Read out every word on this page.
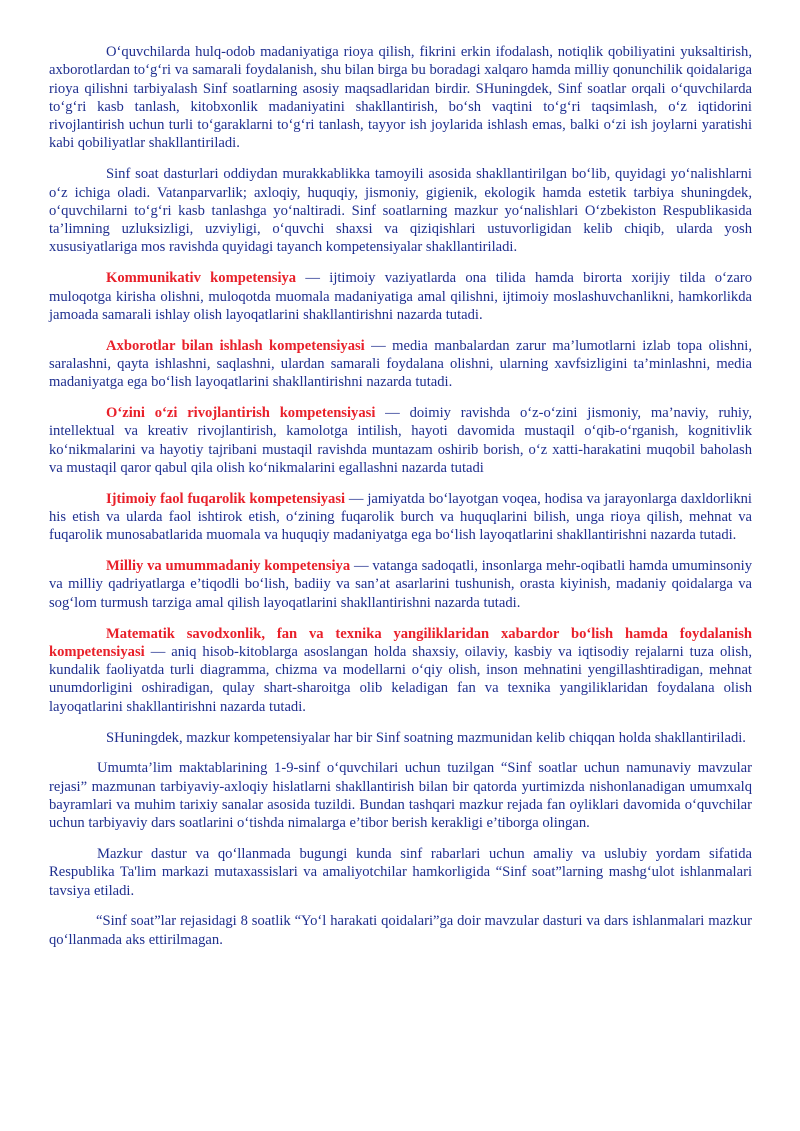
O‘quvchilarda hulq-odob madaniyatiga rioya qilish, fikrini erkin ifodalash, notiqlik qobiliyatini yuksaltirish, axborotlardan to‘g‘ri va samarali foydalanish, shu bilan birga bu boradagi xalqaro hamda milliy qonunchilik qoidalariga rioya qilishni tarbiyalash Sinf soatlarning asosiy maqsadlaridan birdir. SHuningdek, Sinf soatlar orqali o‘quvchilarda to‘g‘ri kasb tanlash, kitobxonlik madaniyatini shakllantirish, bo‘sh vaqtini to‘g‘ri taqsimlash, o‘z iqtidorini rivojlantirish uchun turli to‘garaklarni to‘g‘ri tanlash, tayyor ish joylarida ishlash emas, balki o‘zi ish joylarni yaratishi kabi qobiliyatlar shakllantiriladi.

Sinf soat dasturlari oddiydan murakkablikka tamoyili asosida shakllantirilgan bo‘lib, quyidagi yo‘nalishlarni o‘z ichiga oladi. Vatanparvarlik; axloqiy, huquqiy, jismoniy, gigienik, ekologik hamda estetik tarbiya shuningdek, o‘quvchilarni to‘g‘ri kasb tanlashga yo‘naltiradi. Sinf soatlarning mazkur yo‘nalishlari O‘zbekiston Respublikasida ta’limning uzluksizligi, uzviyligi, o‘quvchi shaxsi va qiziqishlari ustuvorligidan kelib chiqib, ularda yosh xususiyatlariga mos ravishda quyidagi tayanch kompetensiyalar shakllantiriladi.

Kommunikativ kompetensiya — ijtimoiy vaziyatlarda ona tilida hamda birorta xorijiy tilda o‘zaro muloqotga kirisha olishni, muloqotda muomala madaniyatiga amal qilishni, ijtimoiy moslashuvchanlikni, hamkorlikda jamoada samarali ishlay olish layoqatlarini shakllantirishni nazarda tutadi.

Axborotlar bilan ishlash kompetensiyasi — media manbalardan zarur ma’lumotlarni izlab topa olishni, saralashni, qayta ishlashni, saqlashni, ulardan samarali foydalana olishni, ularning xavfsizligini ta’minlashni, media madaniyatga ega bo‘lish layoqatlarini shakllantirishni nazarda tutadi.

O‘zini o‘zi rivojlantirish kompetensiyasi — doimiy ravishda o‘z-o‘zini jismoniy, ma’naviy, ruhiy, intellektual va kreativ rivojlantirish, kamolotga intilish, hayoti davomida mustaqil o‘qib-o‘rganish, kognitivlik ko‘nikmalarini va hayotiy tajribani mustaqil ravishda muntazam oshirib borish, o‘z xatti-harakatini muqobil baholash va mustaqil qaror qabul qila olish ko‘nikmalarini egallashni nazarda tutadi

Ijtimoiy faol fuqarolik kompetensiyasi — jamiyatda bo‘layotgan voqea, hodisa va jarayonlarga daxldorlikni his etish va ularda faol ishtirok etish, o‘zining fuqarolik burch va huquqlarini bilish, unga rioya qilish, mehnat va fuqarolik munosabatlarida muomala va huquqiy madaniyatga ega bo‘lish layoqatlarini shakllantirishni nazarda tutadi.

Milliy va umummadaniy kompetensiya — vatanga sadoqatli, insonlarga mehr-oqibatli hamda umuminsoniy va milliy qadriyatlarga e’tiqodli bo‘lish, badiiy va san’at asarlarini tushunish, orasta kiyinish, madaniy qoidalarga va sog‘lom turmush tarziga amal qilish layoqatlarini shakllantirishni nazarda tutadi.

Matematik savodxonlik, fan va texnika yangiliklaridan xabardor bo‘lish hamda foydalanish kompetensiyasi — aniq hisob-kitoblarga asoslangan holda shaxsiy, oilaviy, kasbiy va iqtisodiy rejalarni tuza olish, kundalik faoliyatda turli diagramma, chizma va modellarni o‘qiy olish, inson mehnatini yengillashtiradigan, mehnat unumdorligini oshiradigan, qulay shart-sharoitga olib keladigan fan va texnika yangiliklaridan foydalana olish layoqatlarini shakllantirishni nazarda tutadi.

SHuningdek, mazkur kompetensiyalar har bir Sinf soatning mazmunidan kelib chiqqan holda shakllantiriladi.

Umumta’lim maktablarining 1-9-sinf o‘quvchilari uchun tuzilgan “Sinf soatlar uchun namunaviy mavzular rejasi” mazmunan tarbiyaviy-axloqiy hislatlarni shakllantirish bilan bir qatorda yurtimizda nishonlanadigan umumxalq bayramlari va muhim tarixiy sanalar asosida tuzildi. Bundan tashqari mazkur rejada fan oyliklari davomida o‘quvchilar uchun tarbiyaviy dars soatlarini o‘tishda nimalarga e’tibor berish kerakligi e’tiborga olingan.

Mazkur dastur va qo‘llanmada bugungi kunda sinf rabarlari uchun amaliy va uslubiy yordam sifatida Respublika Ta'lim markazi mutaxassislari va amaliyotchilar hamkorligida “Sinf soat”larning mashg‘ulot ishlanmalari tavsiya etiladi.

“Sinf soat”lar rejasidagi 8 soatlik “Yo‘l harakati qoidalari”ga doir mavzular dasturi va dars ishlanmalari mazkur qo‘llanmada aks ettirilmagan.
